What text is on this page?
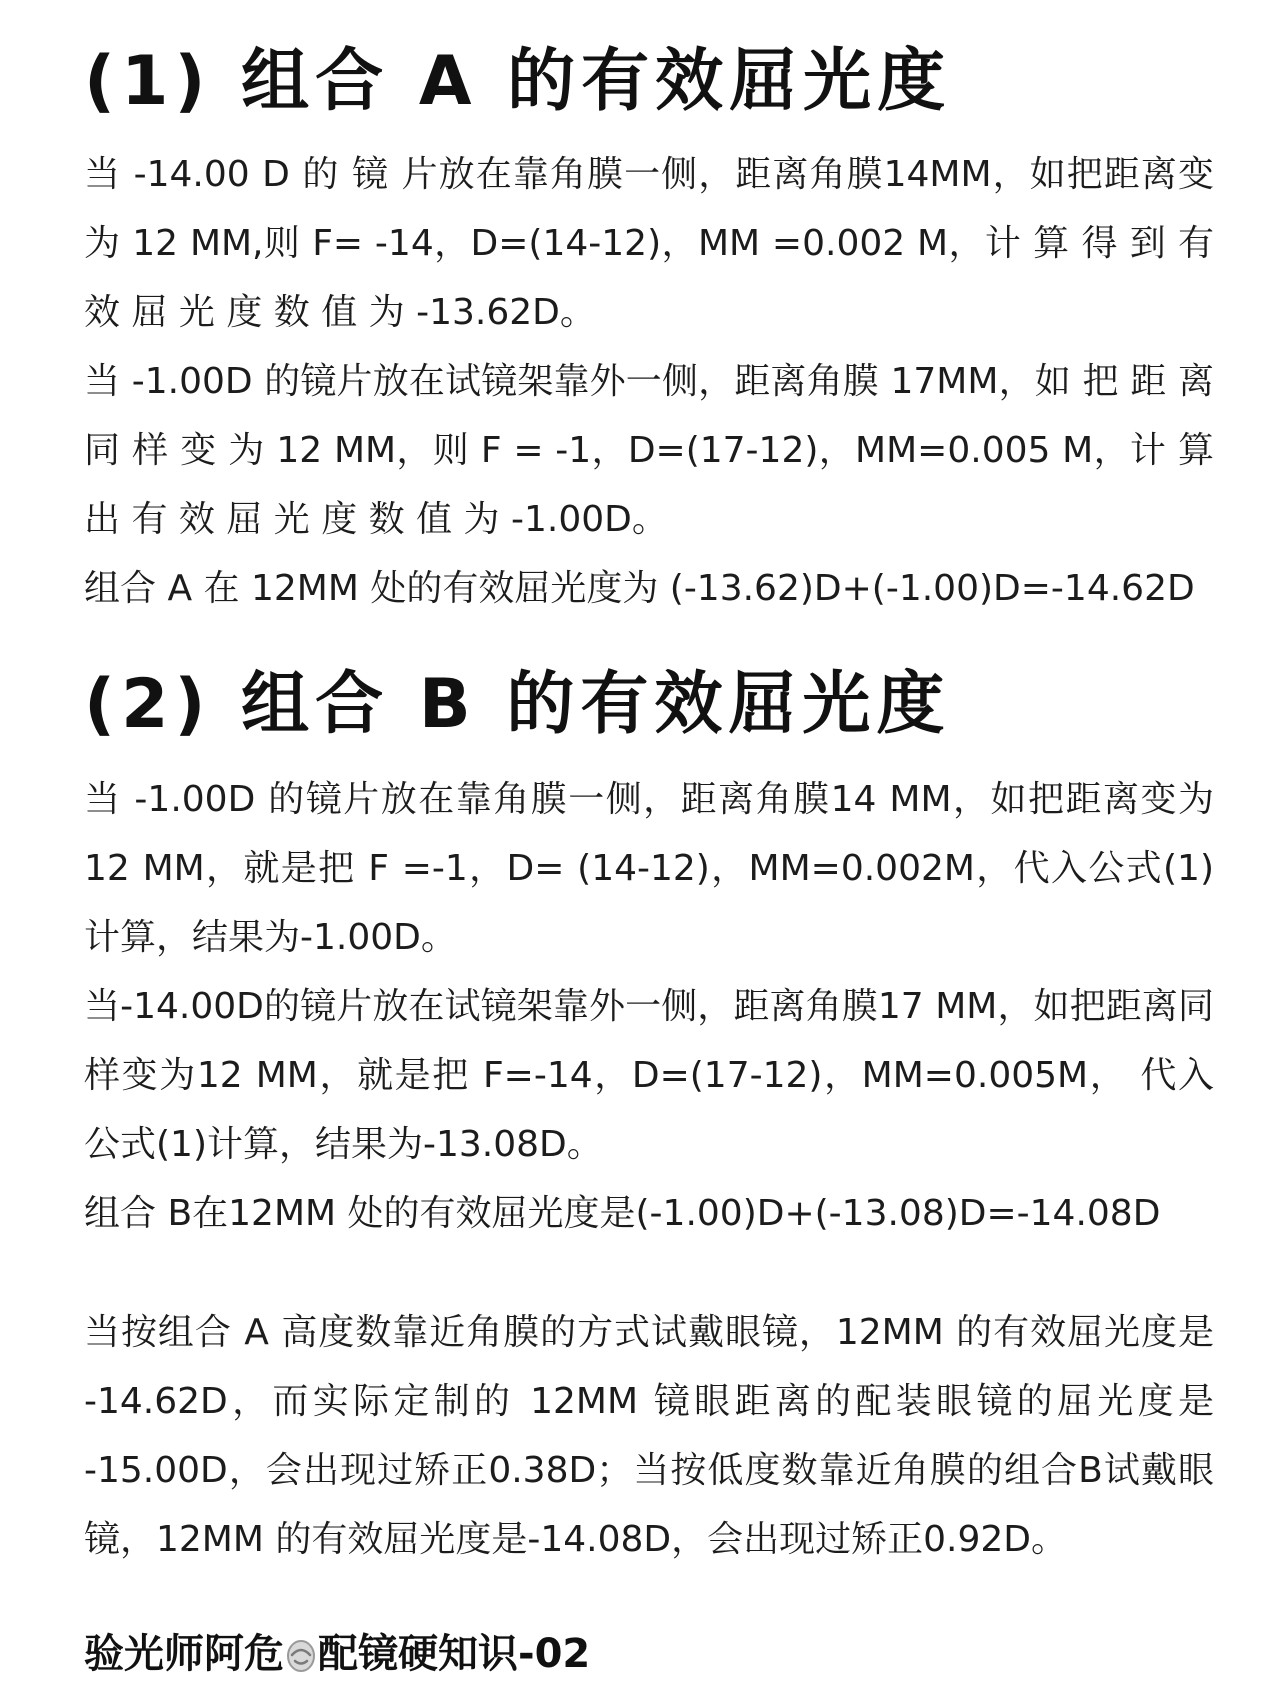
(1) 组合 A 的有效屈光度

当 -14.00 D 的 镜 片放在靠角膜一侧，距离角膜14MM，如把距离变为 12 MM,则 F= -14，D=(14-12)，MM =0.002 M，计 算 得 到 有 效 屈 光 度 数 值 为 -13.62D。

当 -1.00D 的镜片放在试镜架靠外一侧，距离角膜 17MM，如 把 距 离 同 样 变 为 12 MM，则 F = -1，D=(17-12)，MM=0.005 M，计 算 出 有 效 屈 光 度 数 值 为 -1.00D。

组合 A 在 12MM 处的有效屈光度为 (-13.62)D+(-1.00)D=-14.62D

(2) 组合 B 的有效屈光度

当 -1.00D 的镜片放在靠角膜一侧，距离角膜14 MM，如把距离变为12 MM，就是把 F =-1，D= (14-12)，MM=0.002M，代入公式(1)计算，结果为-1.00D。

当-14.00D的镜片放在试镜架靠外一侧，距离角膜17 MM，如把距离同样变为12 MM，就是把 F=-14，D=(17-12)，MM=0.005M， 代入公式(1)计算，结果为-13.08D。

组合 B在12MM 处的有效屈光度是(-1.00)D+(-13.08)D=-14.08D

当按组合 A 高度数靠近角膜的方式试戴眼镜，12MM 的有效屈光度是 -14.62D，而实际定制的 12MM 镜眼距离的配装眼镜的屈光度是 -15.00D，会出现过矫正0.38D；当按低度数靠近角膜的组合B试戴眼镜，12MM 的有效屈光度是-14.08D，会出现过矫正0.92D。

验光师阿危 配镜硬知识-02
